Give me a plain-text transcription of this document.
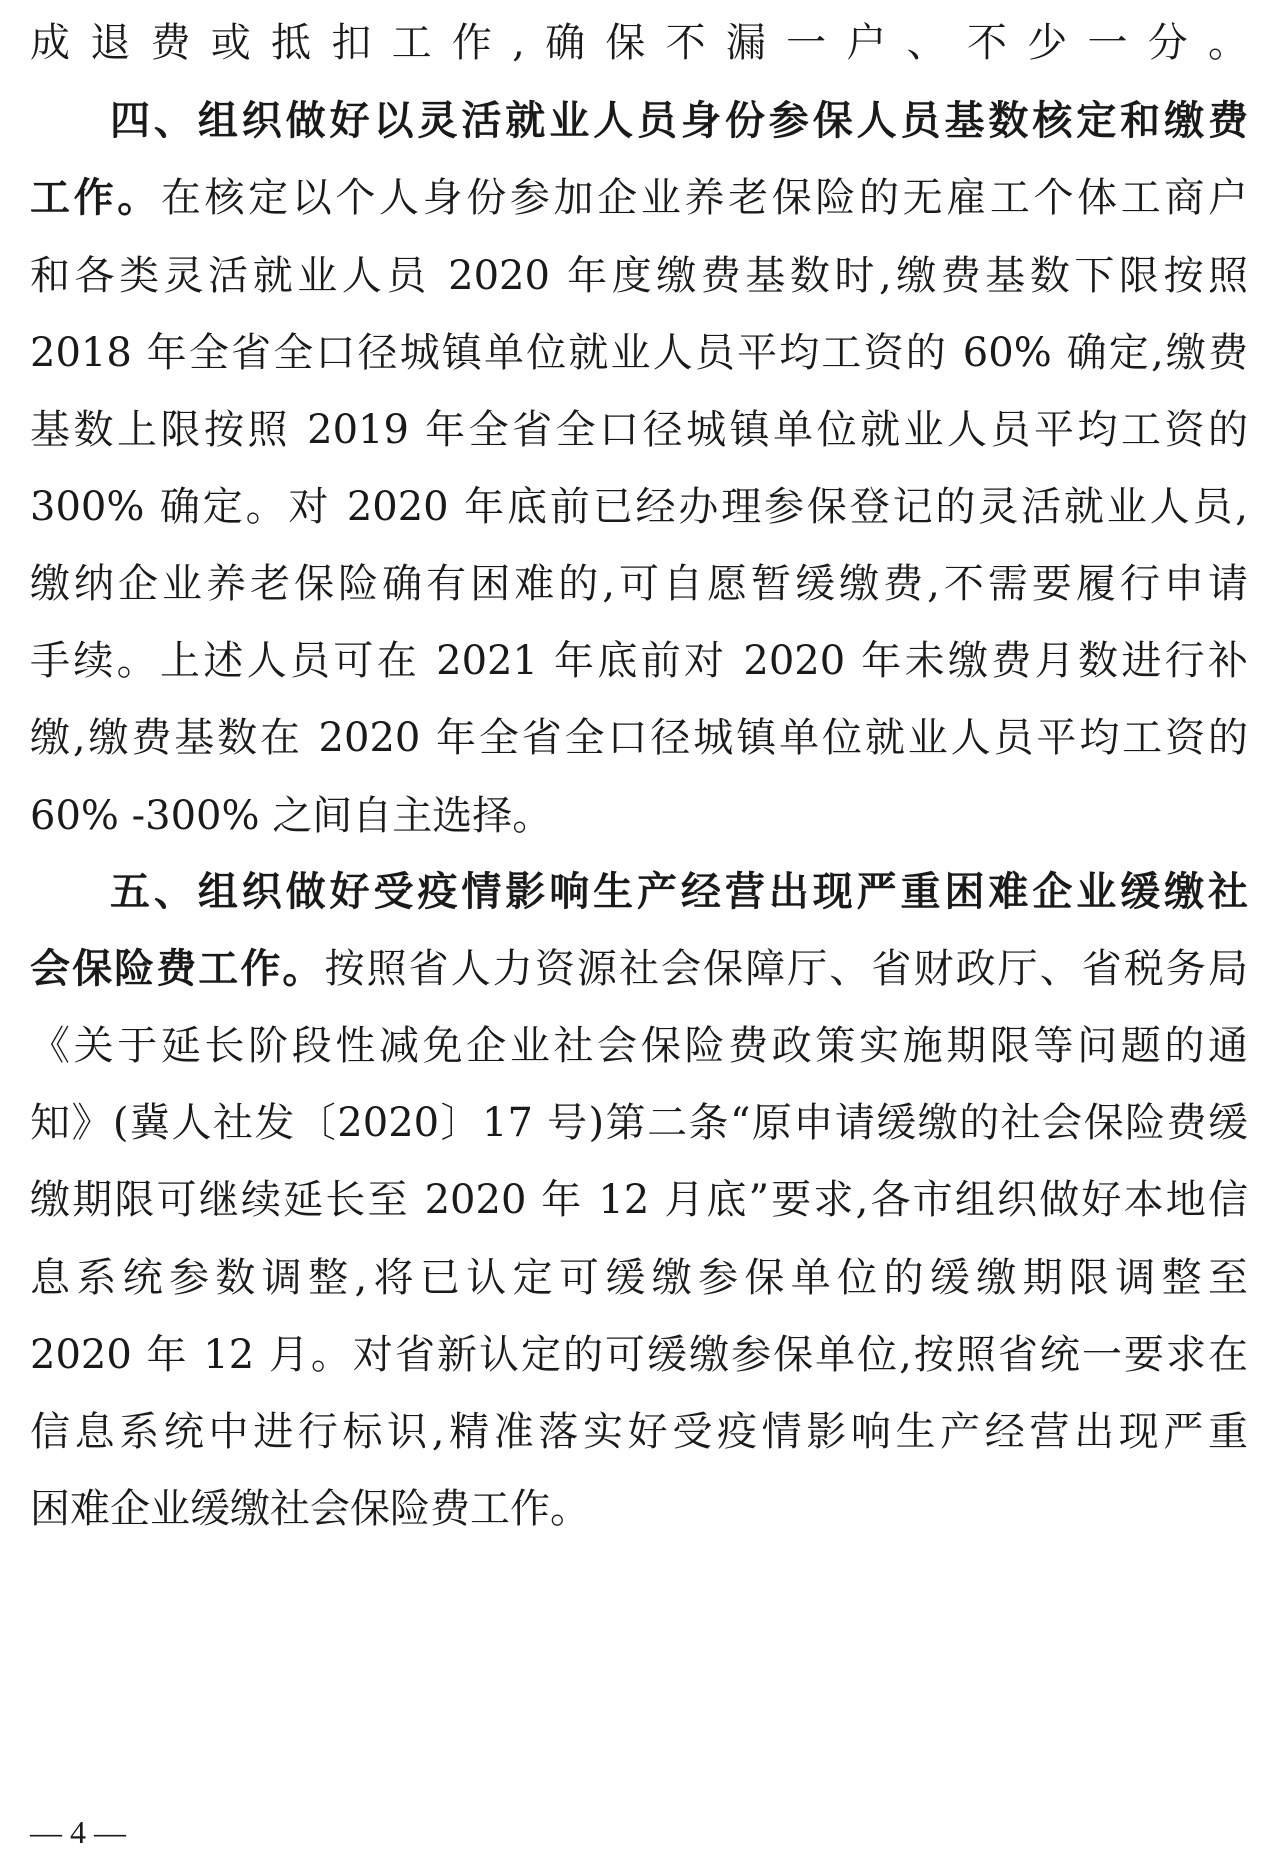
成退费或抵扣工作,确保不漏一户、不少一分。
四、组织做好以灵活就业人员身份参保人员基数核定和缴费
工作。在核定以个人身份参加企业养老保险的无雇工个体工商户
和各类灵活就业人员 2020 年度缴费基数时,缴费基数下限按照
2018 年全省全口径城镇单位就业人员平均工资的 60% 确定,缴费
基数上限按照 2019 年全省全口径城镇单位就业人员平均工资的
300% 确定。对 2020 年底前已经办理参保登记的灵活就业人员,
缴纳企业养老保险确有困难的,可自愿暂缓缴费,不需要履行申请
手续。上述人员可在 2021 年底前对 2020 年未缴费月数进行补
缴,缴费基数在 2020 年全省全口径城镇单位就业人员平均工资的
60% -300% 之间自主选择。
五、组织做好受疫情影响生产经营出现严重困难企业缓缴社
会保险费工作。按照省人力资源社会保障厅、省财政厅、省税务局
《关于延长阶段性减免企业社会保险费政策实施期限等问题的通
知》(冀人社发〔2020〕17 号)第二条“原申请缓缴的社会保险费缓
缴期限可继续延长至 2020 年 12 月底”要求,各市组织做好本地信
息系统参数调整,将已认定可缓缴参保单位的缓缴期限调整至
2020 年 12 月。对省新认定的可缓缴参保单位,按照省统一要求在
信息系统中进行标识,精准落实好受疫情影响生产经营出现严重
困难企业缓缴社会保险费工作。
— 4 —
